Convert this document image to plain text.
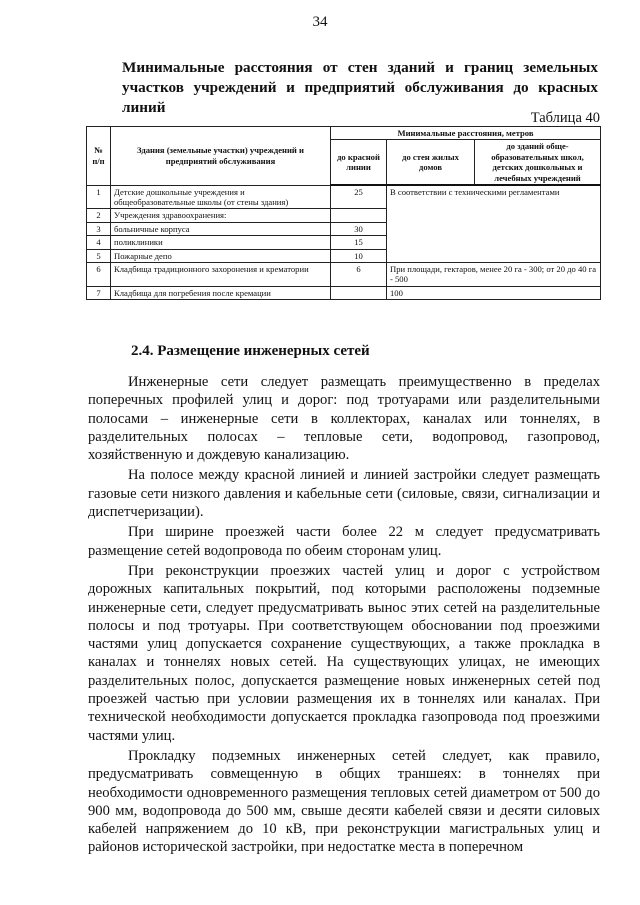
34
Минимальные расстояния от стен зданий и границ земельных
участков учреждений и предприятий обслуживания до красных линий
Таблица 40
№ п/п	Здания (земельные участки) учреждений и предприятий обслуживания	Минимальные расстояния, метров		
		до красной линии	до стен жилых домов	до зданий обще-образовательных школ, детских дошкольных и лечебных учреждений
1	Детские дошкольные учреждения и общеобразовательные школы (от стены здания)	25	В соответствии с техническими регламентами	
2	Учреждения здравоохранения:			
3	больничные корпуса	30		
4	поликлиники	15		
5	Пожарные депо	10		
6	Кладбища традиционного захоронения и крематории	6	При площади, гектаров, менее 20 га - 300; от 20 до 40 га - 500	
7	Кладбища для погребения после кремации		100	
2.4. Размещение инженерных сетей

Инженерные сети следует размещать преимущественно в пределах поперечных профилей улиц и дорог: под тротуарами или разделительными полосами – инженерные сети в коллекторах, каналах или тоннелях, в разделительных полосах – тепловые сети, водопровод, газопровод, хозяйственную и дождевую канализацию.

На полосе между красной линией и линией застройки следует размещать газовые сети низкого давления и кабельные сети (силовые, связи, сигнализации и диспетчеризации).

При ширине проезжей части более 22 м следует предусматривать размещение сетей водопровода по обеим сторонам улиц.

При реконструкции проезжих частей улиц и дорог с устройством дорожных капитальных покрытий, под которыми расположены подземные инженерные сети, следует предусматривать вынос этих сетей на разделительные полосы и под тротуары. При соответствующем обосновании под проезжими частями улиц допускается сохранение существующих, а также прокладка в каналах и тоннелях новых сетей. На существующих улицах, не имеющих разделительных полос, допускается размещение новых инженерных сетей под проезжей частью при условии размещения их в тоннелях или каналах. При технической необходимости допускается прокладка газопровода под проезжими частями улиц.

Прокладку подземных инженерных сетей следует, как правило, предусматривать совмещенную в общих траншеях: в тоннелях при необходимости одновременного размещения тепловых сетей диаметром от 500 до 900 мм, водопровода до 500 мм, свыше десяти кабелей связи и десяти силовых кабелей напряжением до 10 кВ, при реконструкции магистральных улиц и районов исторической застройки, при недостатке места в поперечном
